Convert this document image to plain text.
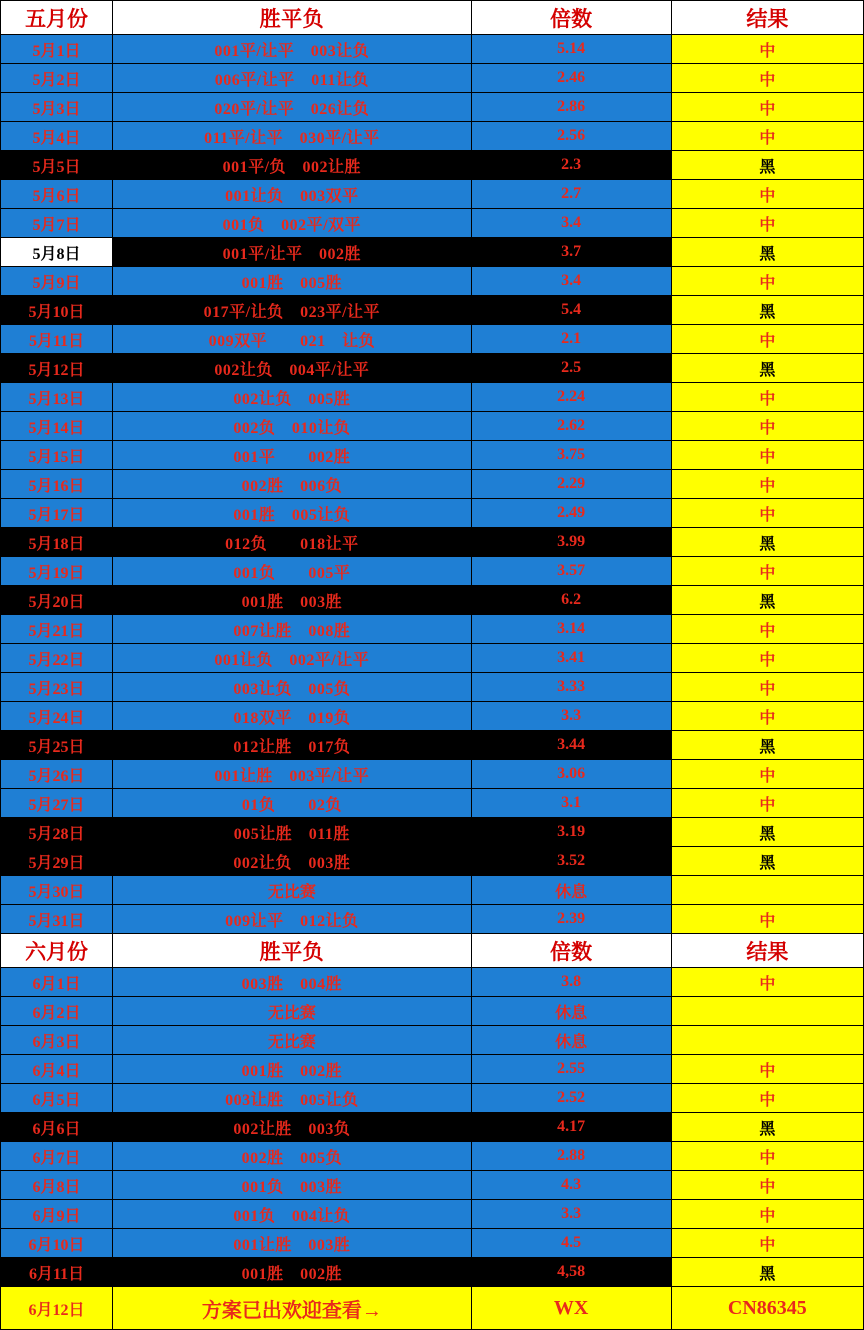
五月份	胜平负	倍数	结果
5月1日	001平/让平　003让负	5.14	中
5月2日	006平/让平　011让负	2.46	中
5月3日	020平/让平　026让负	2.86	中
5月4日	011平/让平　030平/让平	2.56	中
5月5日	001平/负　002让胜	2.3	黑
5月6日	001让负　003双平	2.7	中
5月7日	001负　002平/双平	3.4	中
5月8日	001平/让平　002胜	3.7	黑
5月9日	001胜　005胜	3.4	中
5月10日	017平/让负　023平/让平	5.4	黑
5月11日	009双平　　021　让负	2.1	中
5月12日	002让负　004平/让平	2.5	黑
5月13日	002让负　005胜	2.24	中
5月14日	002负　010让负	2.62	中
5月15日	001平　　002胜	3.75	中
5月16日	002胜　006负	2.29	中
5月17日	001胜　005让负	2.49	中
5月18日	012负　　018让平	3.99	黑
5月19日	001负　　005平	3.57	中
5月20日	001胜　003胜	6.2	黑
5月21日	007让胜　008胜	3.14	中
5月22日	001让负　002平/让平	3.41	中
5月23日	003让负　005负	3.33	中
5月24日	018双平　019负	3.3	中
5月25日	012让胜　017负	3.44	黑
5月26日	001让胜　003平/让平	3.06	中
5月27日	01负　　02负	3.1	中
5月28日	005让胜　011胜	3.19	黑
5月29日	002让负　003胜	3.52	黑
5月30日	无比赛	休息	
5月31日	009让平　012让负	2.39	中
六月份	胜平负	倍数	结果
6月1日	003胜　004胜	3.8	中
6月2日	无比赛	休息	
6月3日	无比赛	休息	
6月4日	001胜　002胜	2.55	中
6月5日	003让胜　005让负	2.52	中
6月6日	002让胜　003负	4.17	黑
6月7日	002胜　005负	2.88	中
6月8日	001负　003胜	4.3	中
6月9日	001负　004让负	3.3	中
6月10日	001让胜　003胜	4.5	中
6月11日	001胜　002胜	4,58	黑
6月12日	方案已出欢迎查看→	WX	CN86345
